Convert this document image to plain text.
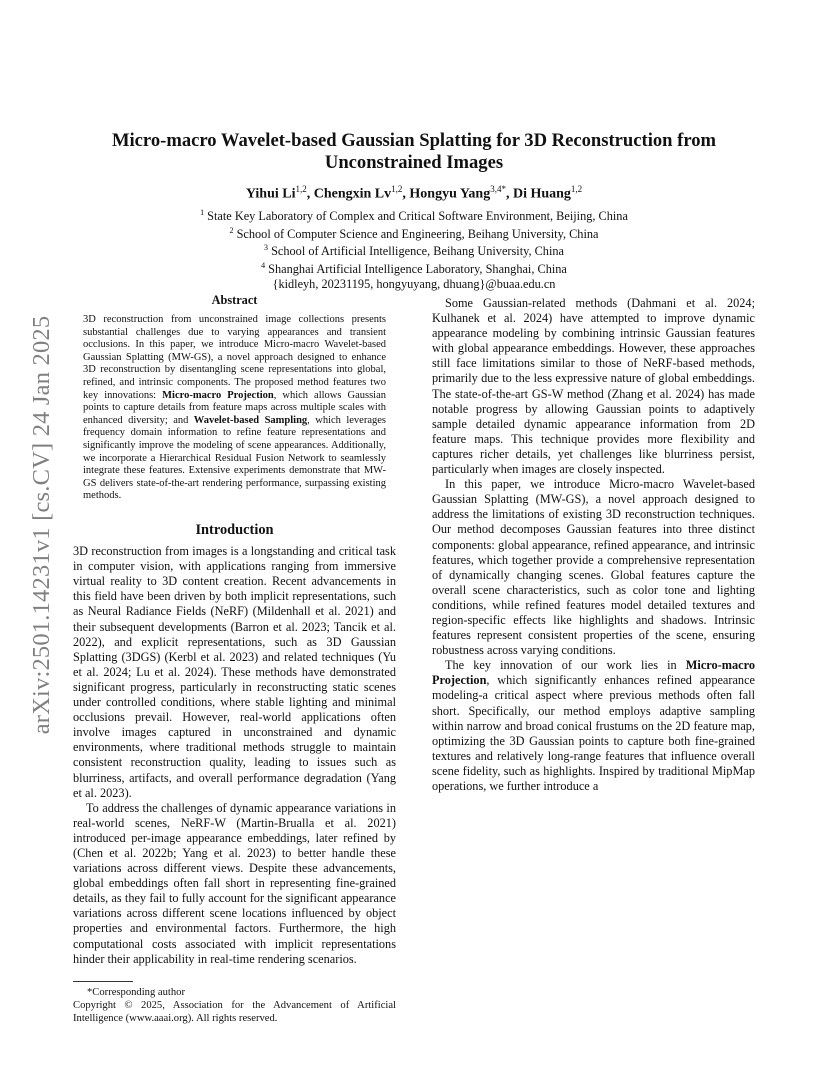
arXiv:2501.14231v1 [cs.CV] 24 Jan 2025
Micro-macro Wavelet-based Gaussian Splatting for 3D Reconstruction from Unconstrained Images
Yihui Li$^{1,2}$, Chengxin Lv$^{1,2}$, Hongyu Yang$^{3,4*}$, Di Huang$^{1,2}$
$^1$ State Key Laboratory of Complex and Critical Software Environment, Beijing, China
$^2$ School of Computer Science and Engineering, Beihang University, China
$^3$ School of Artificial Intelligence, Beihang University, China
$^4$ Shanghai Artificial Intelligence Laboratory, Shanghai, China
{kidleyh, 20231195, hongyuyang, dhuang}@buaa.edu.cn
Abstract

3D reconstruction from unconstrained image collections presents substantial challenges due to varying appearances and transient occlusions. In this paper, we introduce Micro-macro Wavelet-based Gaussian Splatting (MW-GS), a novel approach designed to enhance 3D reconstruction by disentangling scene representations into global, refined, and intrinsic components. The proposed method features two key innovations: Micro-macro Projection, which allows Gaussian points to capture details from feature maps across multiple scales with enhanced diversity; and Wavelet-based Sampling, which leverages frequency domain information to refine feature representations and significantly improve the modeling of scene appearances. Additionally, we incorporate a Hierarchical Residual Fusion Network to seamlessly integrate these features. Extensive experiments demonstrate that MW-GS delivers state-of-the-art rendering performance, surpassing existing methods.

Introduction

3D reconstruction from images is a longstanding and critical task in computer vision, with applications ranging from immersive virtual reality to 3D content creation. Recent advancements in this field have been driven by both implicit representations, such as Neural Radiance Fields (NeRF) (Mildenhall et al. 2021) and their subsequent developments (Barron et al. 2023; Tancik et al. 2022), and explicit representations, such as 3D Gaussian Splatting (3DGS) (Kerbl et al. 2023) and related techniques (Yu et al. 2024; Lu et al. 2024). These methods have demonstrated significant progress, particularly in reconstructing static scenes under controlled conditions, where stable lighting and minimal occlusions prevail. However, real-world applications often involve images captured in unconstrained and dynamic environments, where traditional methods struggle to maintain consistent reconstruction quality, leading to issues such as blurriness, artifacts, and overall performance degradation (Yang et al. 2023).

To address the challenges of dynamic appearance variations in real-world scenes, NeRF-W (Martin-Brualla et al. 2021) introduced per-image appearance embeddings, later refined by (Chen et al. 2022b; Yang et al. 2023) to better handle these variations across different views. Despite these advancements, global embeddings often fall short in representing fine-grained details, as they fail to fully account for the significant appearance variations across different scene locations influenced by object properties and environmental factors. Furthermore, the high computational costs associated with implicit representations hinder their applicability in real-time rendering scenarios.

*Corresponding author

Copyright © 2025, Association for the Advancement of Artificial Intelligence (www.aaai.org). All rights reserved.

Some Gaussian-related methods (Dahmani et al. 2024; Kulhanek et al. 2024) have attempted to improve dynamic appearance modeling by combining intrinsic Gaussian features with global appearance embeddings. However, these approaches still face limitations similar to those of NeRF-based methods, primarily due to the less expressive nature of global embeddings. The state-of-the-art GS-W method (Zhang et al. 2024) has made notable progress by allowing Gaussian points to adaptively sample detailed dynamic appearance information from 2D feature maps. This technique provides more flexibility and captures richer details, yet challenges like blurriness persist, particularly when images are closely inspected.

In this paper, we introduce Micro-macro Wavelet-based Gaussian Splatting (MW-GS), a novel approach designed to address the limitations of existing 3D reconstruction techniques. Our method decomposes Gaussian features into three distinct components: global appearance, refined appearance, and intrinsic features, which together provide a comprehensive representation of dynamically changing scenes. Global features capture the overall scene characteristics, such as color tone and lighting conditions, while refined features model detailed textures and region-specific effects like highlights and shadows. Intrinsic features represent consistent properties of the scene, ensuring robustness across varying conditions.

The key innovation of our work lies in Micro-macro Projection, which significantly enhances refined appearance modeling-a critical aspect where previous methods often fall short. Specifically, our method employs adaptive sampling within narrow and broad conical frustums on the 2D feature map, optimizing the 3D Gaussian points to capture both fine-grained textures and relatively long-range features that influence overall scene fidelity, such as highlights. Inspired by traditional MipMap operations, we further introduce a
